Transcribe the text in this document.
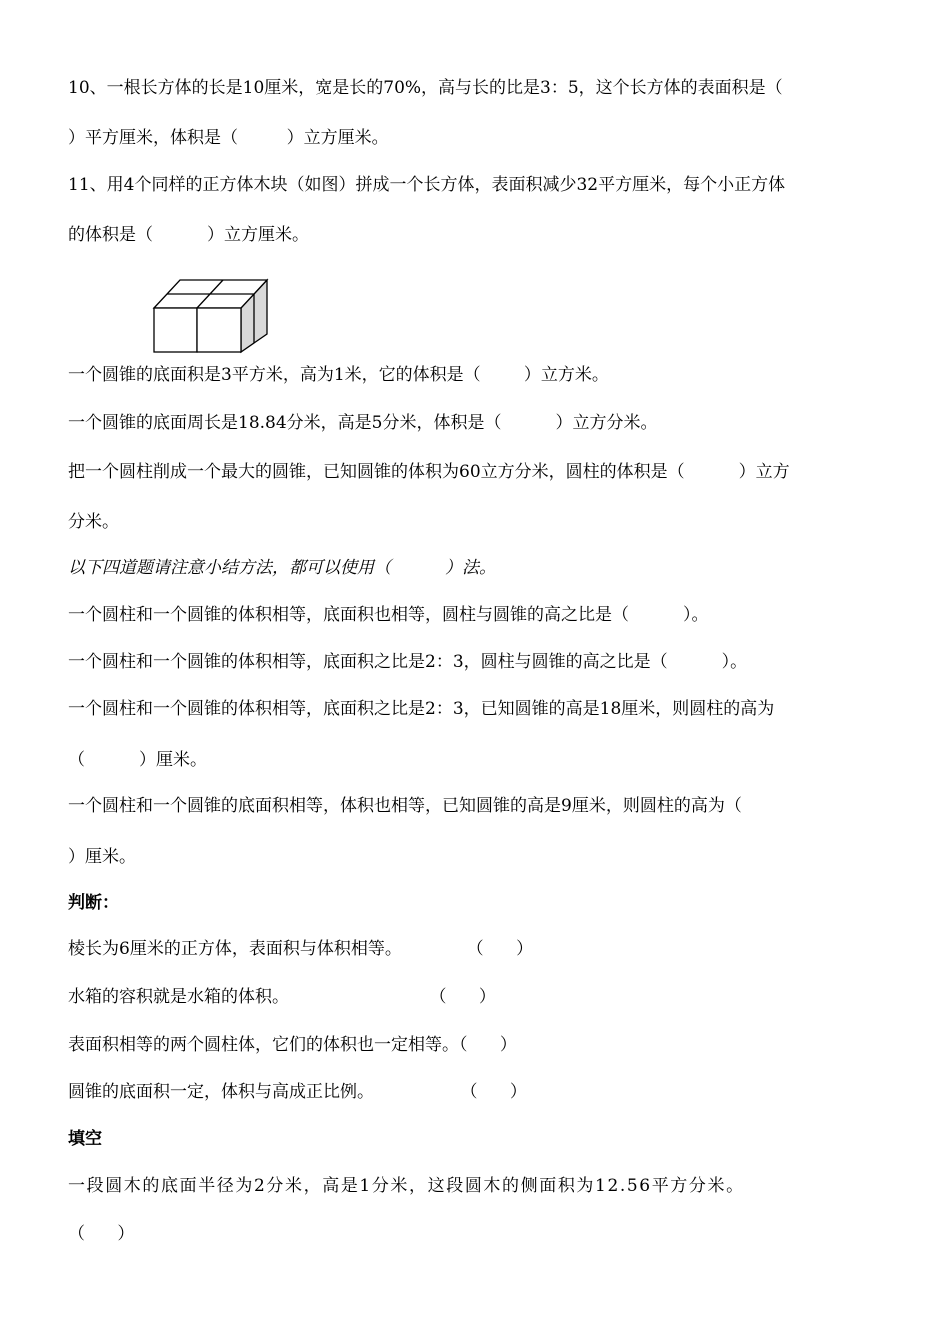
10、一根长方体的长是10厘米，宽是长的70%，高与长的比是3：5，这个长方体的表面积是（
）平方厘米，体积是（         ）立方厘米。
11、用4个同样的正方体木块（如图）拼成一个长方体，表面积减少32平方厘米，每个小正方体
的体积是（          ）立方厘米。
一个圆锥的底面积是3平方米，高为1米，它的体积是（        ）立方米。
一个圆锥的底面周长是18.84分米，高是5分米，体积是（          ）立方分米。
把一个圆柱削成一个最大的圆锥，已知圆锥的体积为60立方分米，圆柱的体积是（          ）立方
分米。
以下四道题请注意小结方法，都可以使用（          ）法。
一个圆柱和一个圆锥的体积相等，底面积也相等，圆柱与圆锥的高之比是（          ）。
一个圆柱和一个圆锥的体积相等，底面积之比是2：3，圆柱与圆锥的高之比是（          ）。
一个圆柱和一个圆锥的体积相等，底面积之比是2：3，已知圆锥的高是18厘米，则圆柱的高为
（          ）厘米。
一个圆柱和一个圆锥的底面积相等，体积也相等，已知圆锥的高是9厘米，则圆柱的高为（
）厘米。
判断：
棱长为6厘米的正方体，表面积与体积相等。            （      ）
水箱的容积就是水箱的体积。                          （      ）
表面积相等的两个圆柱体，它们的体积也一定相等。（      ）
圆锥的底面积一定，体积与高成正比例。                （      ）
填空
一段圆木的底面半径为2分米，高是1分米，这段圆木的侧面积为12.56平方分米。
（      ）
